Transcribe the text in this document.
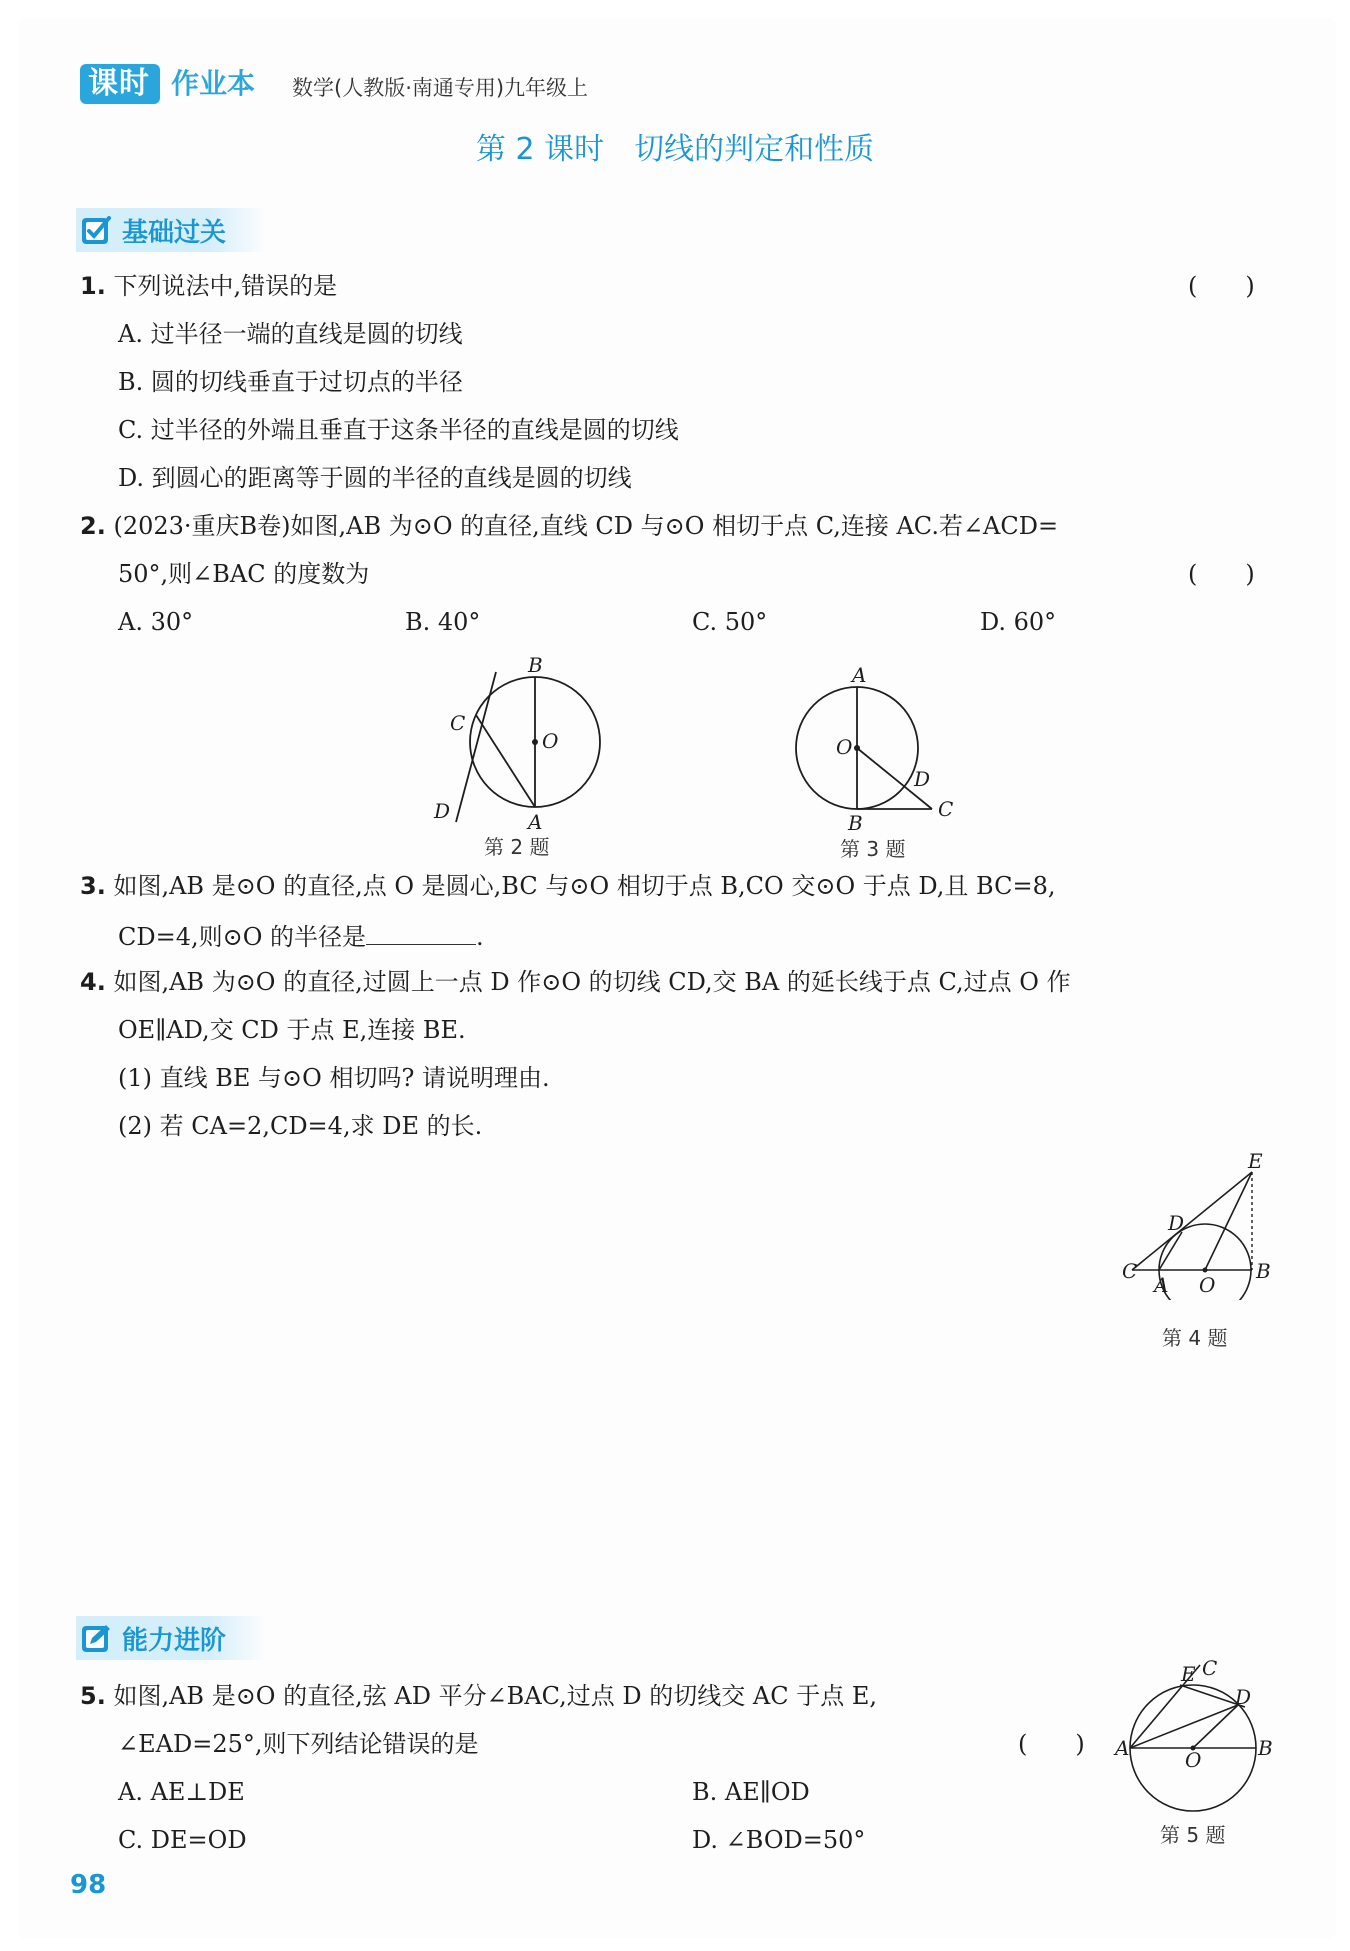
课时 作业本 数学(人教版·南通专用)九年级上
第 2 课时　切线的判定和性质
基础过关
1. 下列说法中,错误的是	(　　)
A. 过半径一端的直线是圆的切线
B. 圆的切线垂直于过切点的半径
C. 过半径的外端且垂直于这条半径的直线是圆的切线
D. 到圆心的距离等于圆的半径的直线是圆的切线
2. (2023·重庆B卷)如图,AB 为⊙O 的直径,直线 CD 与⊙O 相切于点 C,连接 AC.若∠ACD=
50°,则∠BAC 的度数为	(　　)
A. 30°	B. 40°	C. 50°	D. 60°
B
O
C
D	A
第 2 题
A
O
D
C
B
第 3 题
3. 如图,AB 是⊙O 的直径,点 O 是圆心,BC 与⊙O 相切于点 B,CO 交⊙O 于点 D,且 BC=8,
CD=4,则⊙O 的半径是	.
4. 如图,AB 为⊙O 的直径,过圆上一点 D 作⊙O 的切线 CD,交 BA 的延长线于点 C,过点 O 作
OE∥AD,交 CD 于点 E,连接 BE.
(1) 直线 BE 与⊙O 相切吗? 请说明理由.
(2) 若 CA=2,CD=4,求 DE 的长.
E
D
C
A O
B
第 4 题
能力进阶
5. 如图,AB 是⊙O 的直径,弦 AD 平分∠BAC,过点 D 的切线交 AC 于点 E,
∠EAD=25°,则下列结论错误的是	(　　)
A. AE⊥DE	B. AE∥OD
C. DE=OD	D. ∠BOD=50°
E C
D
A	O	B
第 5 题
98
